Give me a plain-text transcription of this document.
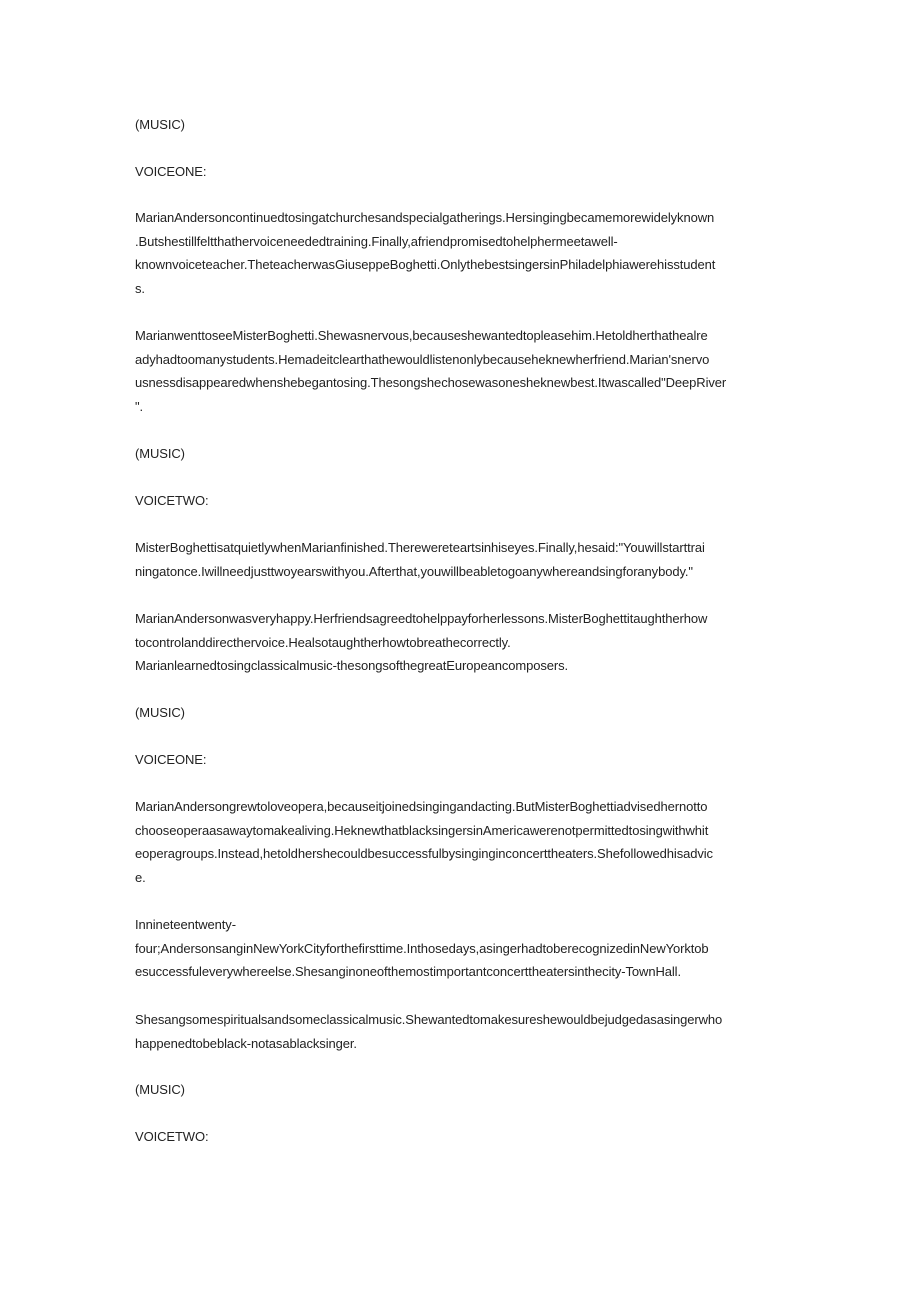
(MUSIC)
VOICEONE:
MarianAndersoncontinuedtosingatchurchesandspecialgatherings.Hersingingbecamemorewidelyknown
.Butshestillfeltthathervoiceneededtraining.Finally,afriendpromisedtohelphermeetawell-
knownvoiceteacher.TheteacherwasGiuseppeBoghetti.OnlythebestsingersinPhiladelphiawerehisstudent
s.
MarianwenttoseeMisterBoghetti.Shewasnervous,becauseshewantedtopleasehim.Hetoldherthathealre
adyhadtoomanystudents.Hemadeitclearthathewouldlistenonlybecauseheknewherfriend.Marian'snervo
usnessdisappearedwhenshebegantosing.Thesongshechosewasonesheknewbest.Itwascalled"DeepRiver
".
(MUSIC)
VOICETWO:
MisterBoghettisatquietlywhenMarianfinished.Therewereteartsinhiseyes.Finally,hesaid:"Youwillstarttrai
ningatonce.Iwillneedjusttwoyearswithyou.Afterthat,youwillbeabletogoanywhereandsingforanybody."
MarianAndersonwasveryhappy.Herfriendsagreedtohelppayforherlessons.MisterBoghettitaughtherhow
tocontrolanddirecthervoice.Healsotaughtherhowtobreathecorrectly.
Marianlearnedtosingclassicalmusic-thesongsofthegreatEuropeancomposers.
(MUSIC)
VOICEONE:
MarianAndersongrewtoloveopera,becauseitjoinedsingingandacting.ButMisterBoghettiadvisedhernotto
chooseoperaasawaytomakealiving.HeknewthatblacksingersinAmericawerenotpermittedtosingwithwhit
eoperagroups.Instead,hetoldhershecouldbesuccessfulbysinginginconcerttheaters.Shefollowedhisadvic
e.
Innineteentwenty-
four;AndersonsanginNewYorkCityforthefirsttime.Inthosedays,asingerhadtoberecognizedinNewYorktob
esuccessfuleverywhereelse.Shesanginoneofthemostimportantconcerttheatersinthecity-TownHall.
Shesangsomespiritualsandsomeclassicalmusic.Shewantedtomakesureshewouldbejudgedasasingerwho
happenedtobeblack-notasablacksinger.
(MUSIC)
VOICETWO:
